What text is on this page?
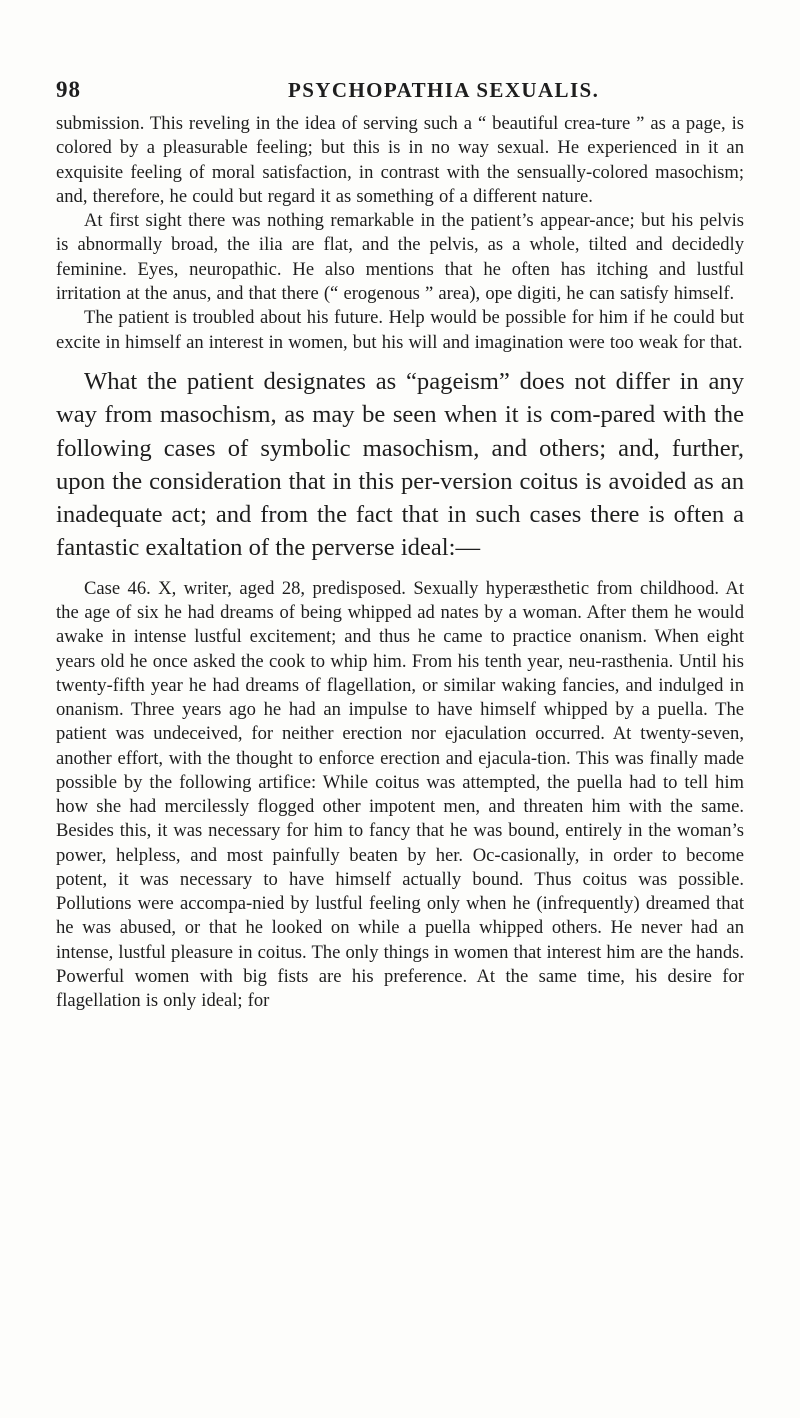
98	PSYCHOPATHIA SEXUALIS.

submission. This reveling in the idea of serving such a “ beautiful crea-ture ” as a page, is colored by a pleasurable feeling; but this is in no way sexual. He experienced in it an exquisite feeling of moral satisfaction, in contrast with the sensually-colored masochism; and, therefore, he could but regard it as something of a different nature.

At first sight there was nothing remarkable in the patient’s appear-ance; but his pelvis is abnormally broad, the ilia are flat, and the pelvis, as a whole, tilted and decidedly feminine. Eyes, neuropathic. He also mentions that he often has itching and lustful irritation at the anus, and that there (“ erogenous ” area), ope digiti, he can satisfy himself.

The patient is troubled about his future. Help would be possible for him if he could but excite in himself an interest in women, but his will and imagination were too weak for that.

What the patient designates as “pageism” does not differ in any way from masochism, as may be seen when it is com-pared with the following cases of symbolic masochism, and others; and, further, upon the consideration that in this per-version coitus is avoided as an inadequate act; and from the fact that in such cases there is often a fantastic exaltation of the perverse ideal:—

Case 46. X, writer, aged 28, predisposed. Sexually hyperæsthetic from childhood. At the age of six he had dreams of being whipped ad nates by a woman. After them he would awake in intense lustful excitement; and thus he came to practice onanism. When eight years old he once asked the cook to whip him. From his tenth year, neu-rasthenia. Until his twenty-fifth year he had dreams of flagellation, or similar waking fancies, and indulged in onanism. Three years ago he had an impulse to have himself whipped by a puella. The patient was undeceived, for neither erection nor ejaculation occurred. At twenty-seven, another effort, with the thought to enforce erection and ejacula-tion. This was finally made possible by the following artifice: While coitus was attempted, the puella had to tell him how she had mercilessly flogged other impotent men, and threaten him with the same. Besides this, it was necessary for him to fancy that he was bound, entirely in the woman’s power, helpless, and most painfully beaten by her. Oc-casionally, in order to become potent, it was necessary to have himself actually bound. Thus coitus was possible. Pollutions were accompa-nied by lustful feeling only when he (infrequently) dreamed that he was abused, or that he looked on while a puella whipped others. He never had an intense, lustful pleasure in coitus. The only things in women that interest him are the hands. Powerful women with big fists are his preference. At the same time, his desire for flagellation is only ideal; for
